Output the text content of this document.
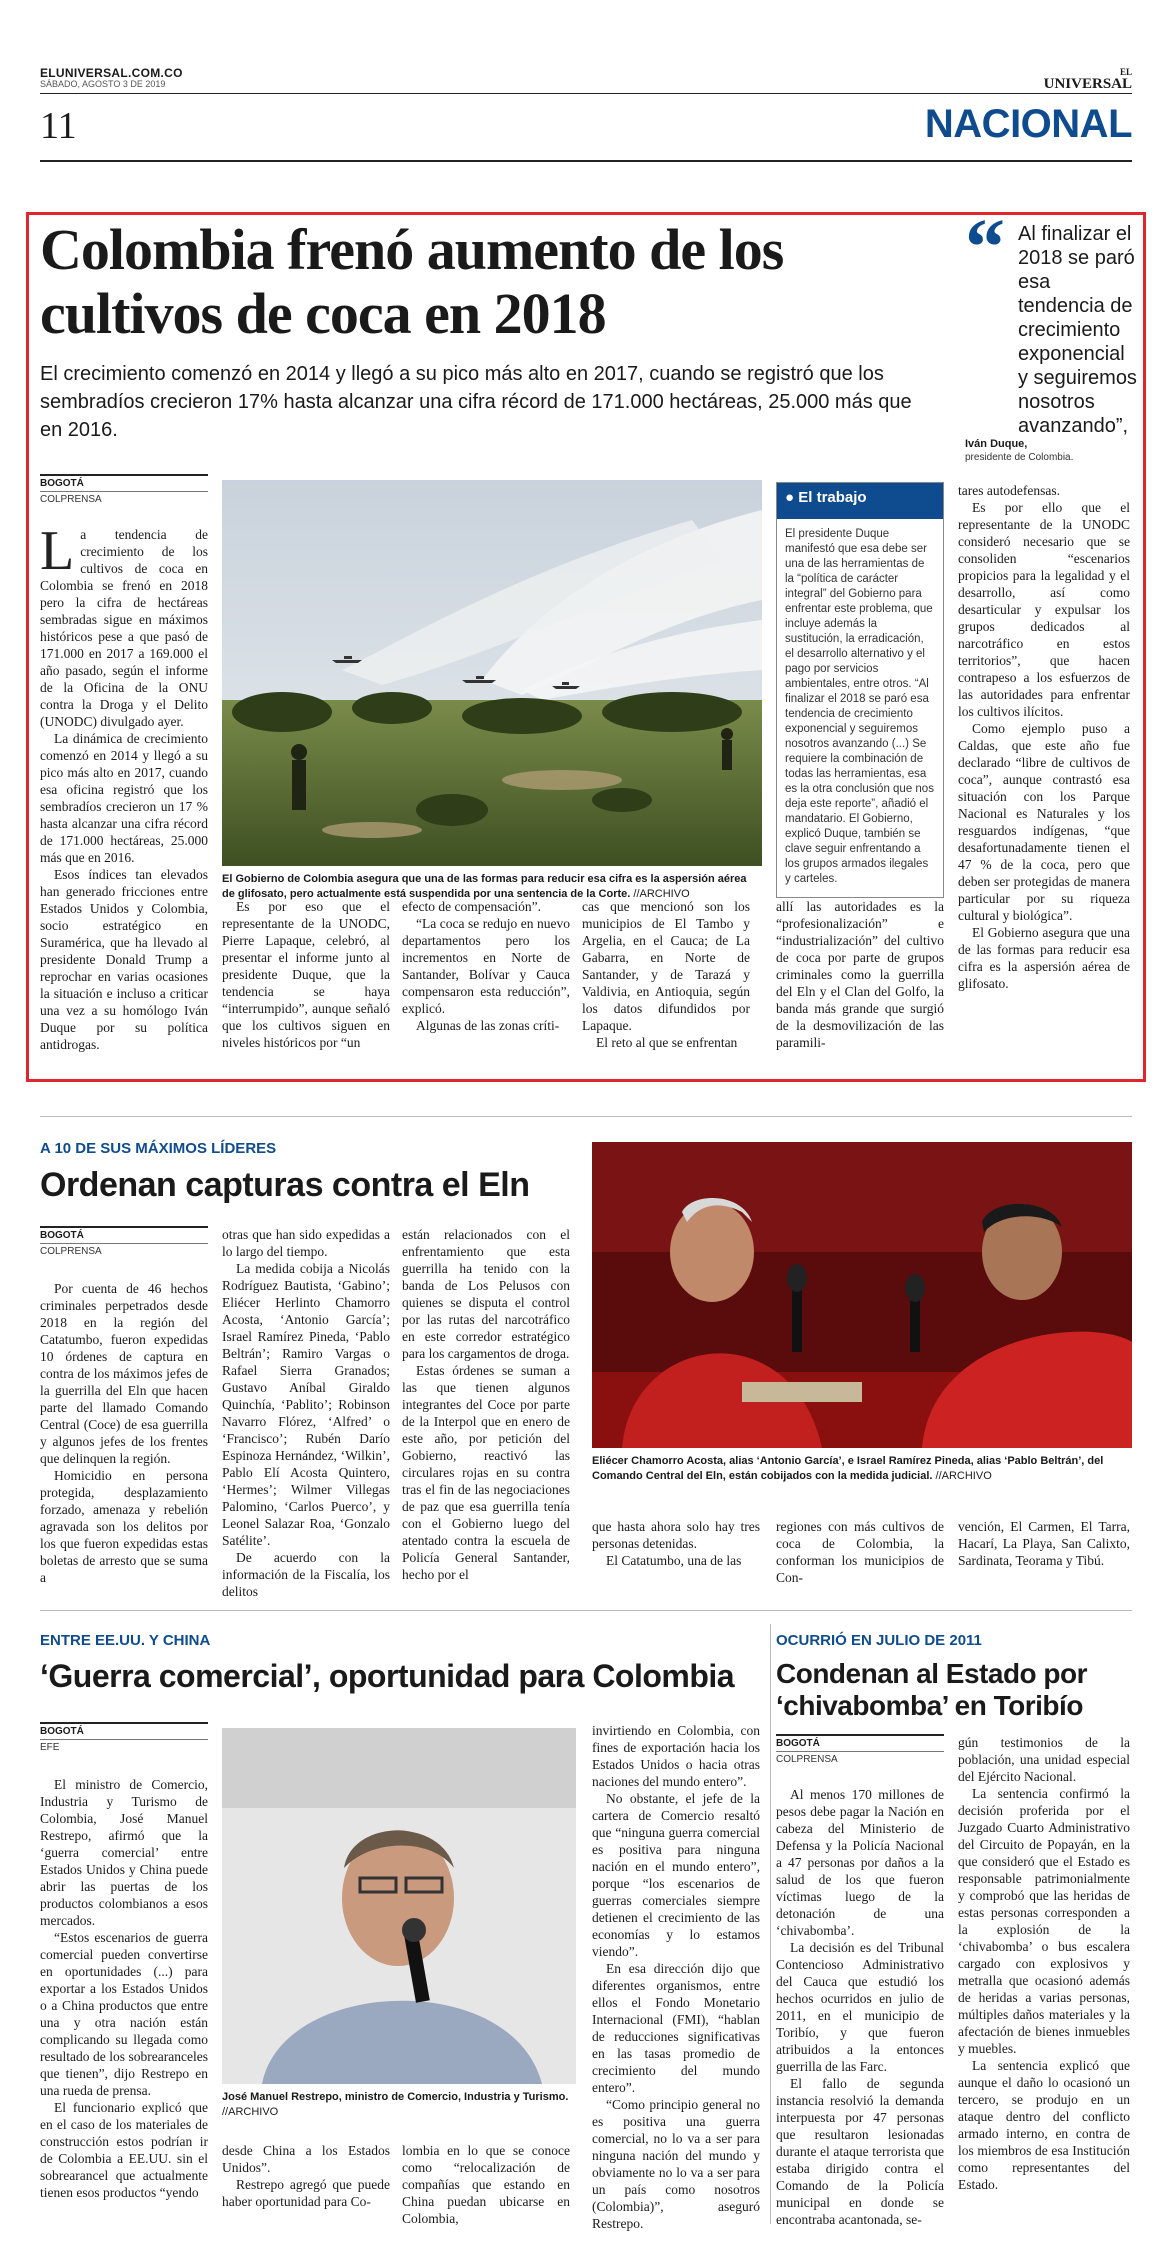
ELUNIVERSAL.COM.CO
SÁBADO, AGOSTO 3 DE 2019
EL
UNIVERSAL
11	NACIONAL
Colombia frenó aumento de los cultivos de coca en 2018
El crecimiento comenzó en 2014 y llegó a su pico más alto en 2017, cuando se registró que los sembradíos crecieron 17% hasta alcanzar una cifra récord de 171.000 hectáreas, 25.000 más que en 2016.
“ Al finalizar el 2018 se paró esa tendencia de crecimiento exponencial y seguiremos nosotros avanzando”,
Iván Duque,
presidente de Colombia.
BOGOTÁ
COLPRENSA
L a tendencia de crecimiento de los cultivos de coca en Colombia se frenó en 2018 pero la cifra de hectáreas sembradas sigue en máximos históricos pese a que pasó de 171.000 en 2017 a 169.000 el año pasado, según el informe de la Oficina de la ONU contra la Droga y el Delito (UNODC) divulgado ayer.

La dinámica de crecimiento comenzó en 2014 y llegó a su pico más alto en 2017, cuando esa oficina registró que los sembradíos crecieron un 17 % hasta alcanzar una cifra récord de 171.000 hectáreas, 25.000 más que en 2016.

Esos índices tan elevados han generado fricciones entre Estados Unidos y Colombia, socio estratégico en Suramérica, que ha llevado al presidente Donald Trump a reprochar en varias ocasiones la situación e incluso a criticar una vez a su homólogo Iván Duque por su política antidrogas.

El Gobierno de Colombia asegura que una de las formas para reducir esa cifra es la aspersión aérea de glifosato, pero actualmente está suspendida por una sentencia de la Corte. //ARCHIVO
● El trabajo
El presidente Duque manifestó que esa debe ser una de las herramientas de la “política de carácter integral” del Gobierno para enfrentar este problema, que incluye además la sustitución, la erradicación, el desarrollo alternativo y el pago por servicios ambientales, entre otros. “Al finalizar el 2018 se paró esa tendencia de crecimiento exponencial y seguiremos nosotros avanzando (...) Se requiere la combinación de todas las herramientas, esa es la otra conclusión que nos deja este reporte”, añadió el mandatario. El Gobierno, explicó Duque, también se clave seguir enfrentando a los grupos armados ilegales y carteles.

Es por eso que el representante de la UNODC, Pierre Lapaque, celebró, al presentar el informe junto al presidente Duque, que la tendencia se haya “interrumpido”, aunque señaló que los cultivos siguen en niveles históricos por “un

efecto de compensación”.

“La coca se redujo en nuevo departamentos pero los incrementos en Norte de Santander, Bolívar y Cauca compensaron esta reducción”, explicó.

Algunas de las zonas críti-

cas que mencionó son los municipios de El Tambo y Argelia, en el Cauca; de La Gabarra, en Norte de Santander, y de Tarazá y Valdivia, en Antioquia, según los datos difundidos por Lapaque.

El reto al que se enfrentan

allí las autoridades es la “profesionalización” e “industrialización” del cultivo de coca por parte de grupos criminales como la guerrilla del Eln y el Clan del Golfo, la banda más grande que surgió de la desmovilización de las paramili-
tares autodefensas.

Es por ello que el representante de la UNODC consideró necesario que se consoliden “escenarios propicios para la legalidad y el desarrollo, así como desarticular y expulsar los grupos dedicados al narcotráfico en estos territorios”, que hacen contrapeso a los esfuerzos de las autoridades para enfrentar los cultivos ilícitos.

Como ejemplo puso a Caldas, que este año fue declarado “libre de cultivos de coca”, aunque contrastó esa situación con los Parque Nacional es Naturales y los resguardos indígenas, “que desafortunadamente tienen el 47 % de la coca, pero que deben ser protegidas de manera particular por su riqueza cultural y biológica”.

El Gobierno asegura que una de las formas para reducir esa cifra es la aspersión aérea de glifosato.

A 10 DE SUS MÁXIMOS LÍDERES
Ordenan capturas contra el Eln
BOGOTÁ
COLPRENSA

Por cuenta de 46 hechos criminales perpetrados desde 2018 en la región del Catatumbo, fueron expedidas 10 órdenes de captura en contra de los máximos jefes de la guerrilla del Eln que hacen parte del llamado Comando Central (Coce) de esa guerrilla y algunos jefes de los frentes que delinquen la región.

Homicidio en persona protegida, desplazamiento forzado, amenaza y rebelión agravada son los delitos por los que fueron expedidas estas boletas de arresto que se suma a

otras que han sido expedidas a lo largo del tiempo.

La medida cobija a Nicolás Rodríguez Bautista, ‘Gabino’; Eliécer Herlinto Chamorro Acosta, ‘Antonio García’; Israel Ramírez Pineda, ‘Pablo Beltrán’; Ramiro Vargas o Rafael Sierra Granados; Gustavo Aníbal Giraldo Quinchía, ‘Pablito’; Robinson Navarro Flórez, ‘Alfred’ o ‘Francisco’; Rubén Darío Espinoza Hernández, ‘Wilkin’, Pablo Elí Acosta Quintero, ‘Hermes’; Wilmer Villegas Palomino, ‘Carlos Puerco’, y Leonel Salazar Roa, ‘Gonzalo Satélite’.

De acuerdo con la información de la Fiscalía, los delitos

están relacionados con el enfrentamiento que esta guerrilla ha tenido con la banda de Los Pelusos con quienes se disputa el control por las rutas del narcotráfico en este corredor estratégico para los cargamentos de droga.

Estas órdenes se suman a las que tienen algunos integrantes del Coce por parte de la Interpol que en enero de este año, por petición del Gobierno, reactivó las circulares rojas en su contra tras el fin de las negociaciones de paz que esa guerrilla tenía con el Gobierno luego del atentado contra la escuela de Policía General Santander, hecho por el

Eliécer Chamorro Acosta, alias ‘Antonio García’, e Israel Ramírez Pineda, alias ‘Pablo Beltrán’, del Comando Central del Eln, están cobijados con la medida judicial. //ARCHIVO
que hasta ahora solo hay tres personas detenidas.

El Catatumbo, una de las

regiones con más cultivos de coca de Colombia, la conforman los municipios de Con-
vención, El Carmen, El Tarra, Hacarí, La Playa, San Calixto, Sardinata, Teorama y Tibú.
ENTRE EE.UU. Y CHINA
‘Guerra comercial’, oportunidad para Colombia
BOGOTÁ
EFE

El ministro de Comercio, Industria y Turismo de Colombia, José Manuel Restrepo, afirmó que la ‘guerra comercial’ entre Estados Unidos y China puede abrir las puertas de los productos colombianos a esos mercados.

“Estos escenarios de guerra comercial pueden convertirse en oportunidades (...) para exportar a los Estados Unidos o a China productos que entre una y otra nación están complicando su llegada como resultado de los sobrearanceles que tienen”, dijo Restrepo en una rueda de prensa.

El funcionario explicó que en el caso de los materiales de construcción estos podrían ir de Colombia a EE.UU. sin el sobrearancel que actualmente tienen esos productos “yendo

José Manuel Restrepo, ministro de Comercio, Industria y Turismo. //ARCHIVO
desde China a los Estados Unidos”.

Restrepo agregó que puede haber oportunidad para Co-

lombia en lo que se conoce como “relocalización de compañías que estando en China puedan ubicarse en Colombia,
invirtiendo en Colombia, con fines de exportación hacia los Estados Unidos o hacia otras naciones del mundo entero”.

No obstante, el jefe de la cartera de Comercio resaltó que “ninguna guerra comercial es positiva para ninguna nación en el mundo entero”, porque “los escenarios de guerras comerciales siempre detienen el crecimiento de las economías y lo estamos viendo”.

En esa dirección dijo que diferentes organismos, entre ellos el Fondo Monetario Internacional (FMI), “hablan de reducciones significativas en las tasas promedio de crecimiento del mundo entero”.

“Como principio general no es positiva una guerra comercial, no lo va a ser para ninguna nación del mundo y obviamente no lo va a ser para un país como nosotros (Colombia)”, aseguró Restrepo.

OCURRIÓ EN JULIO DE 2011
Condenan al Estado por ‘chivabomba’ en Toribío
BOGOTÁ
COLPRENSA

Al menos 170 millones de pesos debe pagar la Nación en cabeza del Ministerio de Defensa y la Policía Nacional a 47 personas por daños a la salud de los que fueron víctimas luego de la detonación de una ‘chivabomba’.

La decisión es del Tribunal Contencioso Administrativo del Cauca que estudió los hechos ocurridos en julio de 2011, en el municipio de Toribío, y que fueron atribuidos a la entonces guerrilla de las Farc.

El fallo de segunda instancia resolvió la demanda interpuesta por 47 personas que resultaron lesionadas durante el ataque terrorista que estaba dirigido contra el Comando de la Policía municipal en donde se encontraba acantonada, se-

gún testimonios de la población, una unidad especial del Ejército Nacional.

La sentencia confirmó la decisión proferida por el Juzgado Cuarto Administrativo del Circuito de Popayán, en la que consideró que el Estado es responsable patrimonialmente y comprobó que las heridas de estas personas corresponden a la explosión de la ‘chivabomba’ o bus escalera cargado con explosivos y metralla que ocasionó además de heridas a varias personas, múltiples daños materiales y la afectación de bienes inmuebles y muebles.

La sentencia explicó que aunque el daño lo ocasionó un tercero, se produjo en un ataque dentro del conflicto armado interno, en contra de los miembros de esa Institución como representantes del Estado.
